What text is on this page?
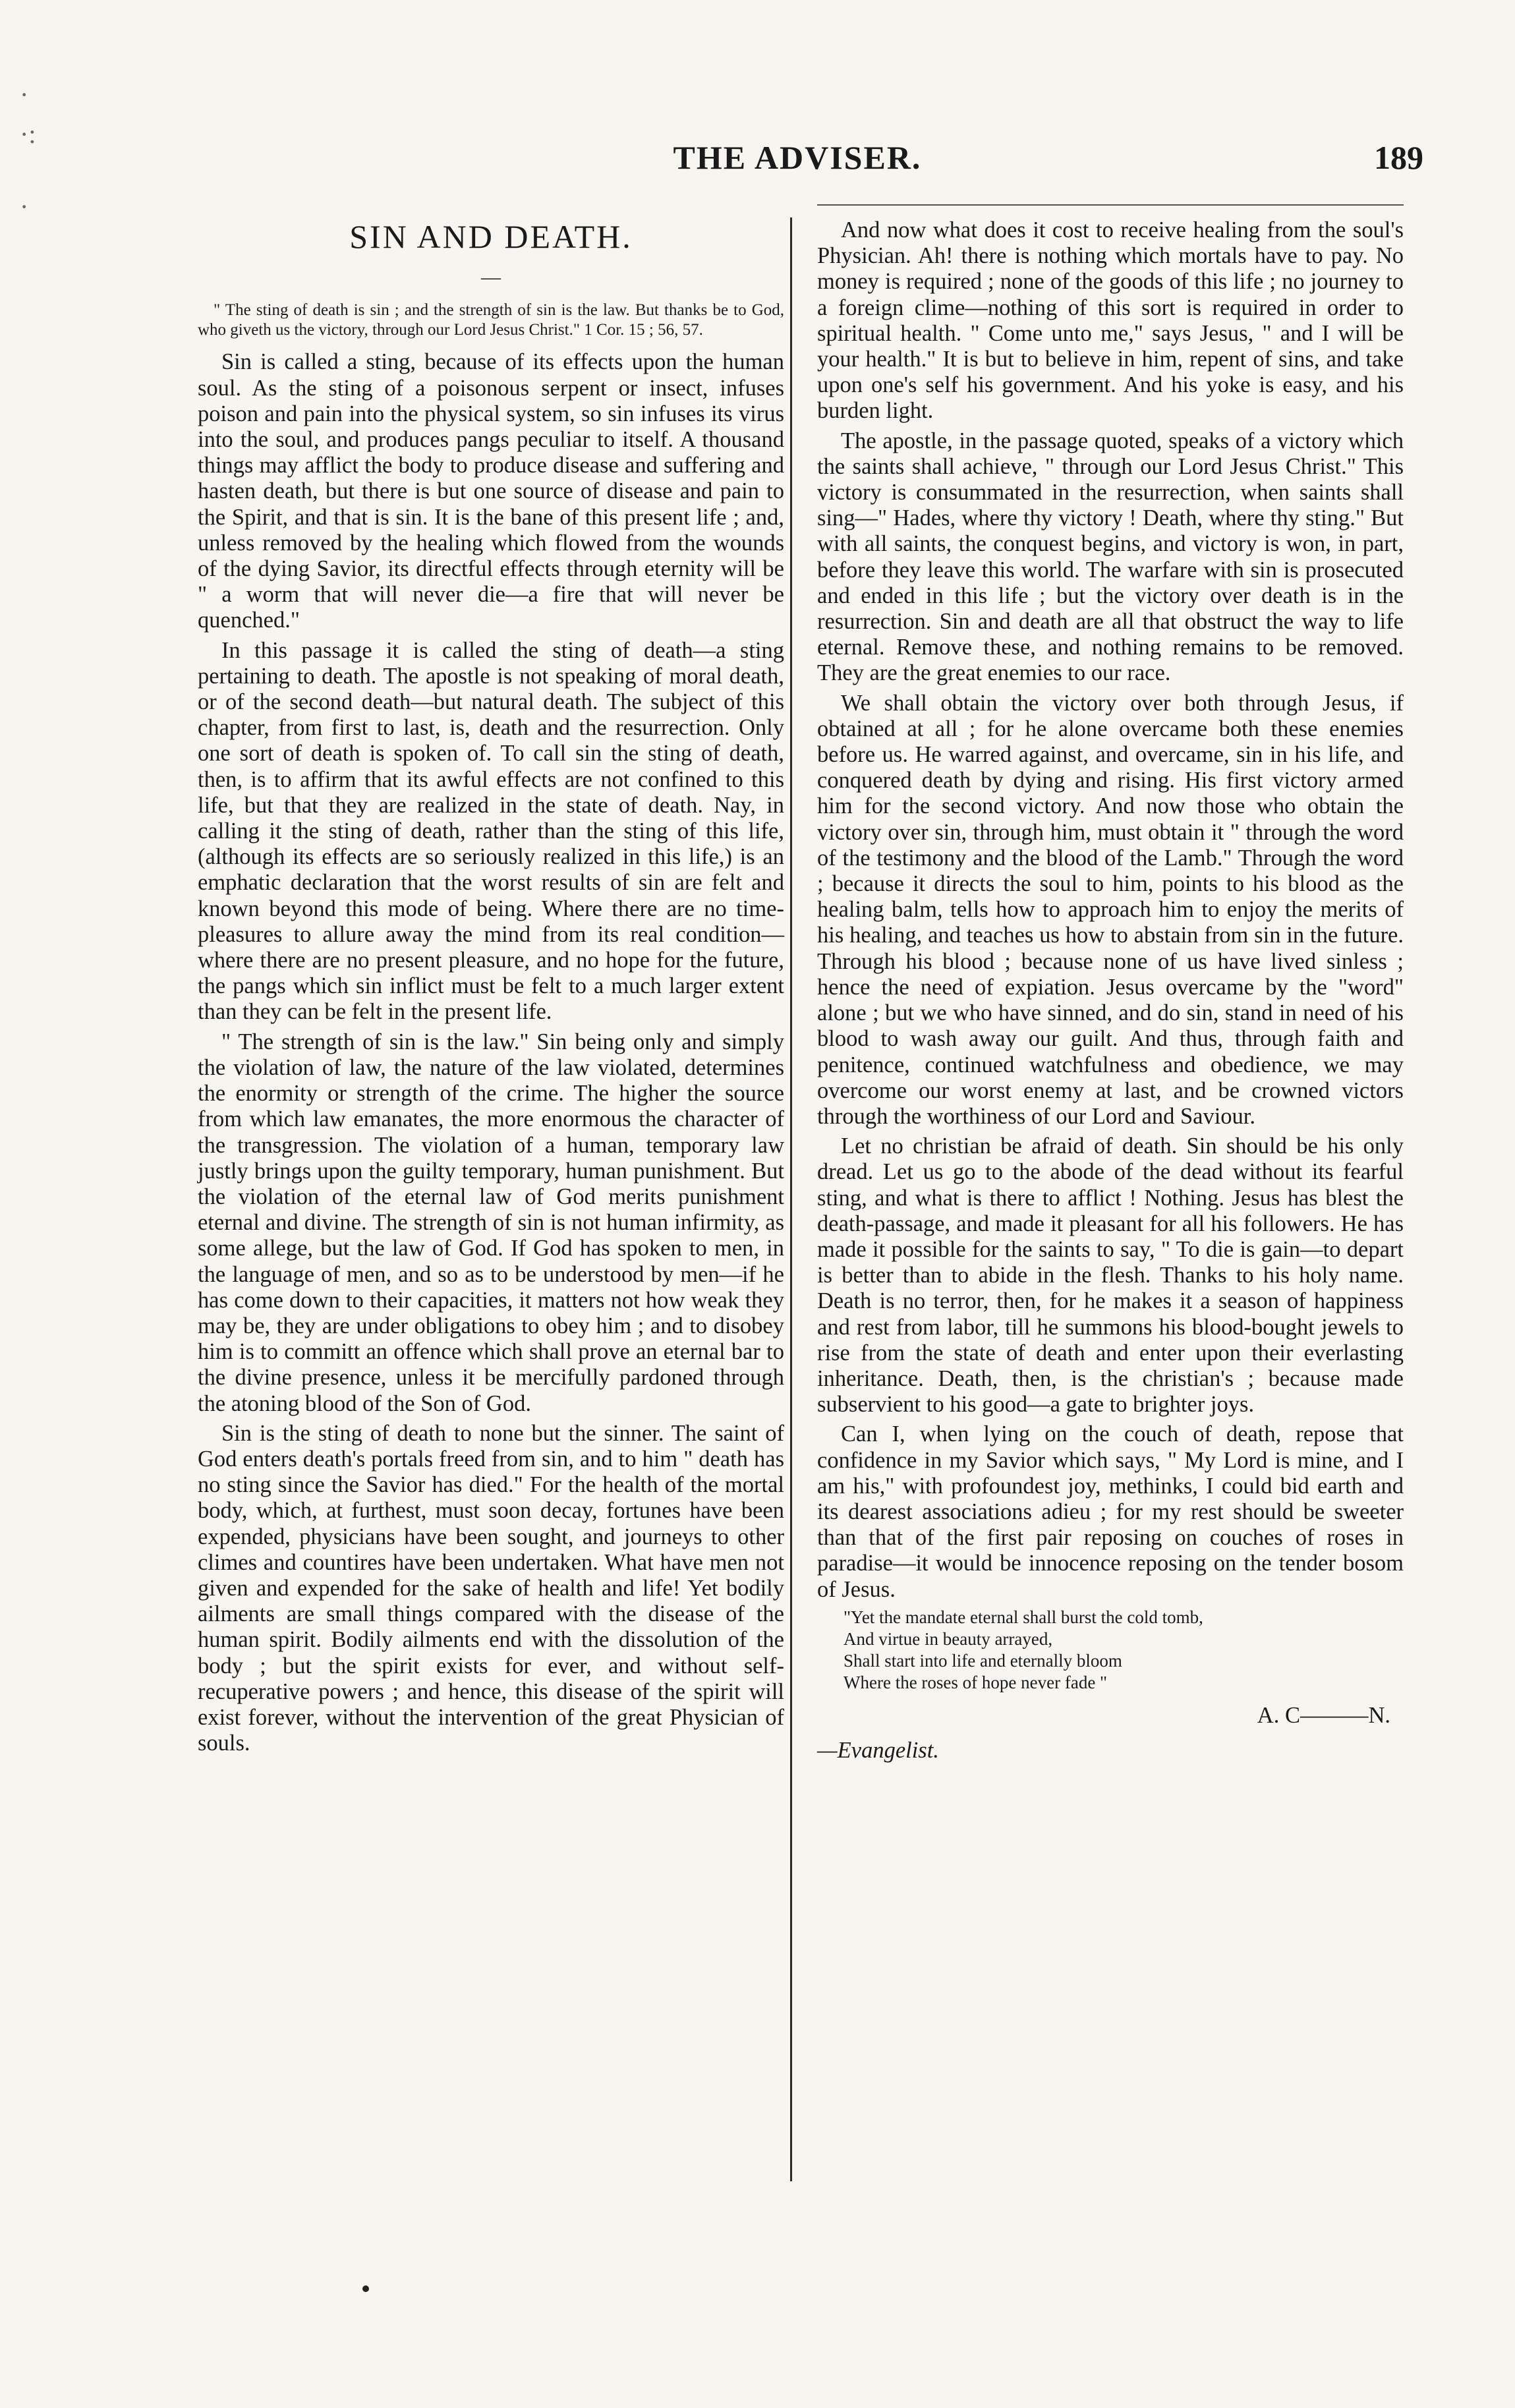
·
·:
·
THE ADVISER.	189
SIN AND DEATH.
—
" The sting of death is sin ; and the strength of sin is the law. But thanks be to God, who giveth us the victory, through our Lord Jesus Christ." 1 Cor. 15 ; 56, 57.

Sin is called a sting, because of its effects upon the human soul. As the sting of a poisonous serpent or insect, infuses poison and pain into the physical system, so sin infuses its virus into the soul, and produces pangs peculiar to itself. A thousand things may afflict the body to produce disease and suffering and hasten death, but there is but one source of disease and pain to the Spirit, and that is sin. It is the bane of this present life ; and, unless removed by the healing which flowed from the wounds of the dying Savior, its directful effects through eternity will be " a worm that will never die—a fire that will never be quenched."

In this passage it is called the sting of death—a sting pertaining to death. The apostle is not speaking of moral death, or of the second death—but natural death. The subject of this chapter, from first to last, is, death and the resurrection. Only one sort of death is spoken of. To call sin the sting of death, then, is to affirm that its awful effects are not confined to this life, but that they are realized in the state of death. Nay, in calling it the sting of death, rather than the sting of this life, (although its effects are so seriously realized in this life,) is an emphatic declaration that the worst results of sin are felt and known beyond this mode of being. Where there are no time-pleasures to allure away the mind from its real condition—where there are no present pleasure, and no hope for the future, the pangs which sin inflict must be felt to a much larger extent than they can be felt in the present life.

" The strength of sin is the law." Sin being only and simply the violation of law, the nature of the law violated, determines the enormity or strength of the crime. The higher the source from which law emanates, the more enormous the character of the transgression. The violation of a human, temporary law justly brings upon the guilty temporary, human punishment. But the violation of the eternal law of God merits punishment eternal and divine. The strength of sin is not human infirmity, as some allege, but the law of God. If God has spoken to men, in the language of men, and so as to be understood by men—if he has come down to their capacities, it matters not how weak they may be, they are under obligations to obey him ; and to disobey him is to committ an offence which shall prove an eternal bar to the divine presence, unless it be mercifully pardoned through the atoning blood of the Son of God.

Sin is the sting of death to none but the sinner. The saint of God enters death's portals freed from sin, and to him " death has no sting since the Savior has died." For the health of the mortal body, which, at furthest, must soon decay, fortunes have been expended, physicians have been sought, and journeys to other climes and countires have been undertaken. What have men not given and expended for the sake of health and life! Yet bodily ailments are small things compared with the disease of the human spirit. Bodily ailments end with the dissolution of the body ; but the spirit exists for ever, and without self-recuperative powers ; and hence, this disease of the spirit will exist forever, without the intervention of the great Physician of souls.

And now what does it cost to receive healing from the soul's Physician. Ah! there is nothing which mortals have to pay. No money is required ; none of the goods of this life ; no journey to a foreign clime—nothing of this sort is required in order to spiritual health. " Come unto me," says Jesus, " and I will be your health." It is but to believe in him, repent of sins, and take upon one's self his government. And his yoke is easy, and his burden light.

The apostle, in the passage quoted, speaks of a victory which the saints shall achieve, " through our Lord Jesus Christ." This victory is consummated in the resurrection, when saints shall sing—" Hades, where thy victory ! Death, where thy sting." But with all saints, the conquest begins, and victory is won, in part, before they leave this world. The warfare with sin is prosecuted and ended in this life ; but the victory over death is in the resurrection. Sin and death are all that obstruct the way to life eternal. Remove these, and nothing remains to be removed. They are the great enemies to our race.

We shall obtain the victory over both through Jesus, if obtained at all ; for he alone overcame both these enemies before us. He warred against, and overcame, sin in his life, and conquered death by dying and rising. His first victory armed him for the second victory. And now those who obtain the victory over sin, through him, must obtain it " through the word of the testimony and the blood of the Lamb." Through the word ; because it directs the soul to him, points to his blood as the healing balm, tells how to approach him to enjoy the merits of his healing, and teaches us how to abstain from sin in the future. Through his blood ; because none of us have lived sinless ; hence the need of expiation. Jesus overcame by the "word" alone ; but we who have sinned, and do sin, stand in need of his blood to wash away our guilt. And thus, through faith and penitence, continued watchfulness and obedience, we may overcome our worst enemy at last, and be crowned victors through the worthiness of our Lord and Saviour.

Let no christian be afraid of death. Sin should be his only dread. Let us go to the abode of the dead without its fearful sting, and what is there to afflict ! Nothing. Jesus has blest the death-passage, and made it pleasant for all his followers. He has made it possible for the saints to say, " To die is gain—to depart is better than to abide in the flesh. Thanks to his holy name. Death is no terror, then, for he makes it a season of happiness and rest from labor, till he summons his blood-bought jewels to rise from the state of death and enter upon their everlasting inheritance. Death, then, is the christian's ; because made subservient to his good—a gate to brighter joys.

Can I, when lying on the couch of death, repose that confidence in my Savior which says, " My Lord is mine, and I am his," with profoundest joy, methinks, I could bid earth and its dearest associations adieu ; for my rest should be sweeter than that of the first pair reposing on couches of roses in paradise—it would be innocence reposing on the tender bosom of Jesus.

"Yet the mandate eternal shall burst the cold tomb,
And virtue in beauty arrayed,
Shall start into life and eternally bloom
Where the roses of hope never fade "
A. C———N.
—Evangelist.
